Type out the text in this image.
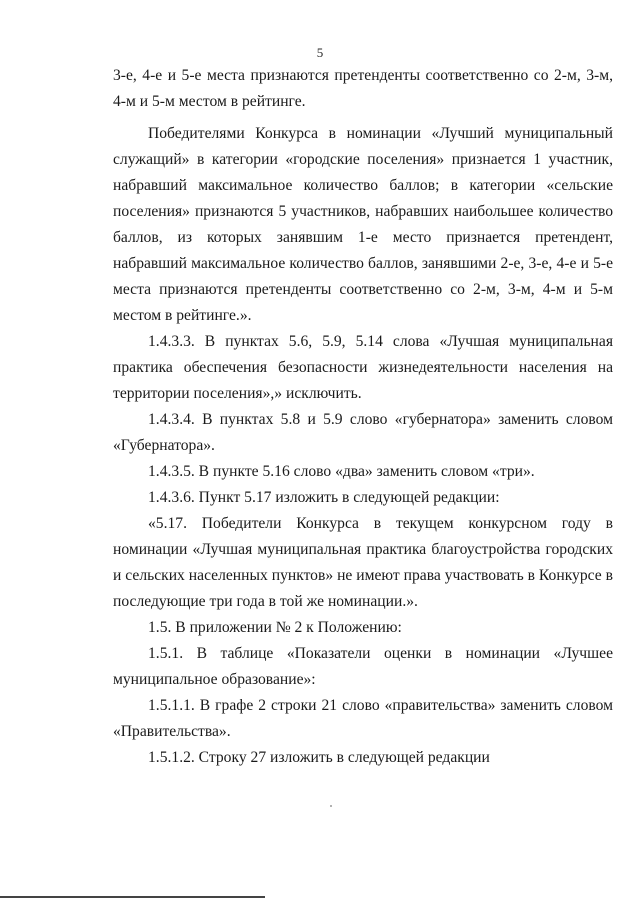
5

3-е, 4-е и 5-е места признаются претенденты соответственно со 2-м, 3-м, 4-м и 5-м местом в рейтинге.

Победителями Конкурса в номинации «Лучший муниципальный служащий» в категории «городские поселения» признается 1 участник, набравший максимальное количество баллов; в категории «сельские поселения» признаются 5 участников, набравших наибольшее количество баллов, из которых занявшим 1-е место признается претендент, набравший максимальное количество баллов, занявшими 2-е, 3-е, 4-е и 5-е места признаются претенденты соответственно со 2-м, 3-м, 4-м и 5-м местом в рейтинге.».

1.4.3.3. В пунктах 5.6, 5.9, 5.14 слова «Лучшая муниципальная практика обеспечения безопасности жизнедеятельности населения на территории поселения»,» исключить.

1.4.3.4. В пунктах 5.8 и 5.9 слово «губернатора» заменить словом «Губернатора».

1.4.3.5. В пункте 5.16 слово «два» заменить словом «три».

1.4.3.6. Пункт 5.17 изложить в следующей редакции:

«5.17. Победители Конкурса в текущем конкурсном году в номинации «Лучшая муниципальная практика благоустройства городских и сельских населенных пунктов» не имеют права участвовать в Конкурсе в последующие три года в той же номинации.».

1.5. В приложении № 2 к Положению:

1.5.1. В таблице «Показатели оценки в номинации «Лучшее муниципальное образование»:

1.5.1.1. В графе 2 строки 21 слово «правительства» заменить словом «Правительства».

1.5.1.2. Строку 27 изложить в следующей редакции
